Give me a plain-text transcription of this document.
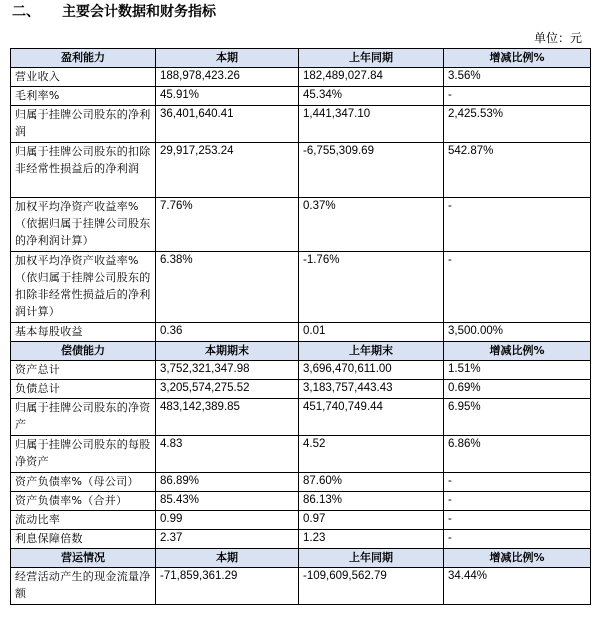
二、 主要会计数据和财务指标
单位：元
盈利能力	本期	上年同期	增减比例%
营业收入	188,978,423.26	182,489,027.84	3.56%
毛利率%	45.91%	45.34%	-
归属于挂牌公司股东的净利润	36,401,640.41	1,441,347.10	2,425.53%
归属于挂牌公司股东的扣除非经常性损益后的净利润	29,917,253.24	-6,755,309.69	542.87%
加权平均净资产收益率%（依据归属于挂牌公司股东的净利润计算）	7.76%	0.37%	-
加权平均净资产收益率%（依归属于挂牌公司股东的扣除非经常性损益后的净利润计算）	6.38%	-1.76%	-
基本每股收益	0.36	0.01	3,500.00%
偿债能力	本期期末	上年期末	增减比例%
资产总计	3,752,321,347.98	3,696,470,611.00	1.51%
负债总计	3,205,574,275.52	3,183,757,443.43	0.69%
归属于挂牌公司股东的净资产	483,142,389.85	451,740,749.44	6.95%
归属于挂牌公司股东的每股净资产	4.83	4.52	6.86%
资产负债率%（母公司）	86.89%	87.60%	-
资产负债率%（合并）	85.43%	86.13%	-
流动比率	0.99	0.97	-
利息保障倍数	2.37	1.23	-
营运情况	本期	上年同期	增减比例%
经营活动产生的现金流量净额	-71,859,361.29	-109,609,562.79	34.44%
